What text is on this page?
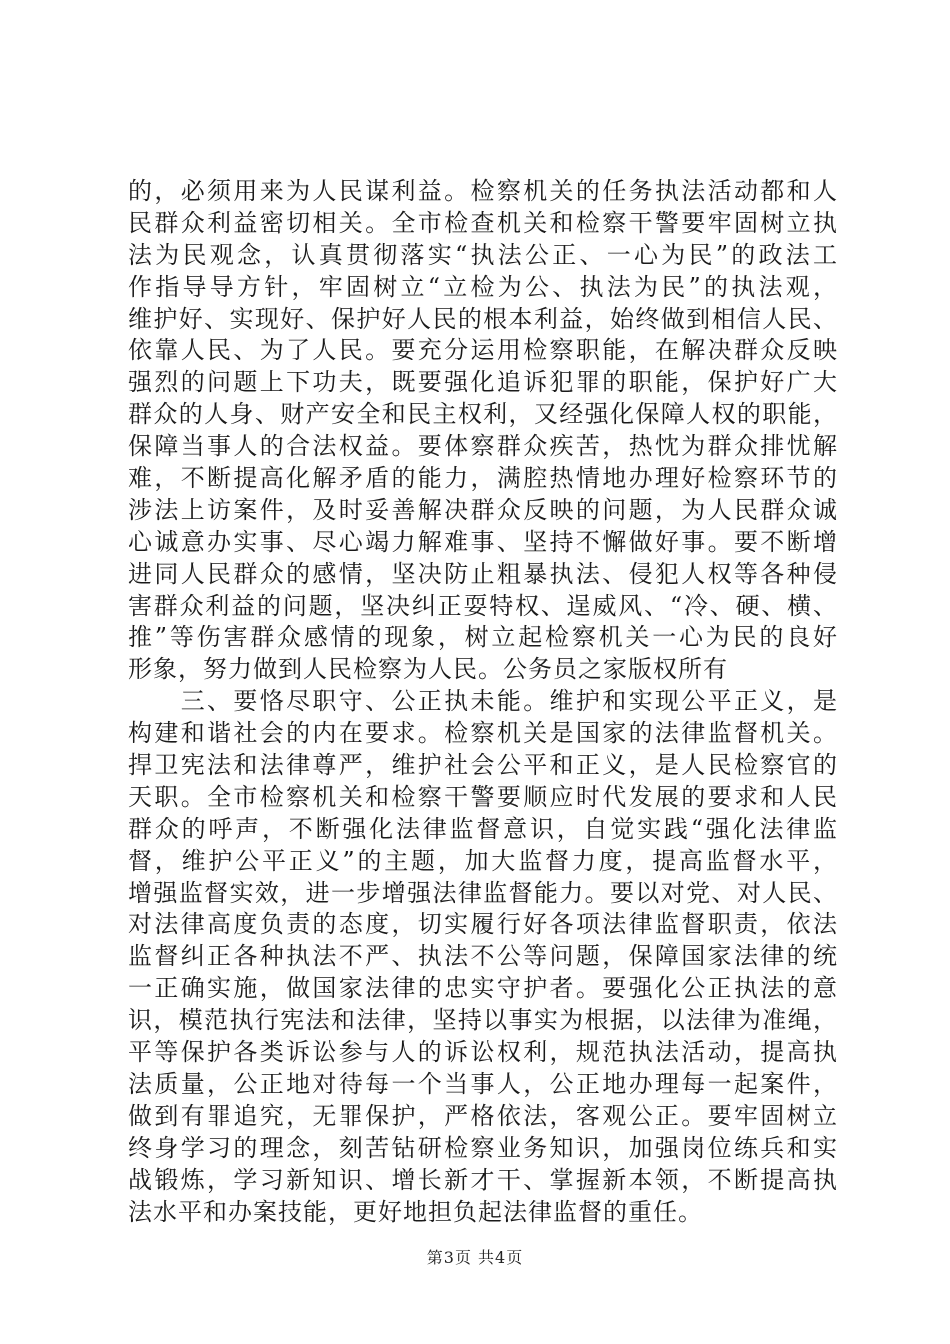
的，必须用来为人民谋利益。检察机关的任务执法活动都和人
民群众利益密切相关。全市检查机关和检察干警要牢固树立执
法为民观念，认真贯彻落实“执法公正、一心为民”的政法工
作指导导方针，牢固树立“立检为公、执法为民”的执法观，
维护好、实现好、保护好人民的根本利益，始终做到相信人民、
依靠人民、为了人民。要充分运用检察职能，在解决群众反映
强烈的问题上下功夫，既要强化追诉犯罪的职能，保护好广大
群众的人身、财产安全和民主权利，又经强化保障人权的职能，
保障当事人的合法权益。要体察群众疾苦，热忱为群众排忧解
难，不断提高化解矛盾的能力，满腔热情地办理好检察环节的
涉法上访案件，及时妥善解决群众反映的问题，为人民群众诚
心诚意办实事、尽心竭力解难事、坚持不懈做好事。要不断增
进同人民群众的感情，坚决防止粗暴执法、侵犯人权等各种侵
害群众利益的问题，坚决纠正耍特权、逞威风、“冷、硬、横、
推”等伤害群众感情的现象，树立起检察机关一心为民的良好
形象，努力做到人民检察为人民。公务员之家版权所有
　　三、要恪尽职守、公正执未能。维护和实现公平正义，是
构建和谐社会的内在要求。检察机关是国家的法律监督机关。
捍卫宪法和法律尊严，维护社会公平和正义，是人民检察官的
天职。全市检察机关和检察干警要顺应时代发展的要求和人民
群众的呼声，不断强化法律监督意识，自觉实践“强化法律监
督，维护公平正义”的主题，加大监督力度，提高监督水平，
增强监督实效，进一步增强法律监督能力。要以对党、对人民、
对法律高度负责的态度，切实履行好各项法律监督职责，依法
监督纠正各种执法不严、执法不公等问题，保障国家法律的统
一正确实施，做国家法律的忠实守护者。要强化公正执法的意
识，模范执行宪法和法律，坚持以事实为根据，以法律为准绳，
平等保护各类诉讼参与人的诉讼权利，规范执法活动，提高执
法质量，公正地对待每一个当事人，公正地办理每一起案件，
做到有罪追究，无罪保护，严格依法，客观公正。要牢固树立
终身学习的理念，刻苦钻研检察业务知识，加强岗位练兵和实
战锻炼，学习新知识、增长新才干、掌握新本领，不断提高执
法水平和办案技能，更好地担负起法律监督的重任。
第3页 共4页
